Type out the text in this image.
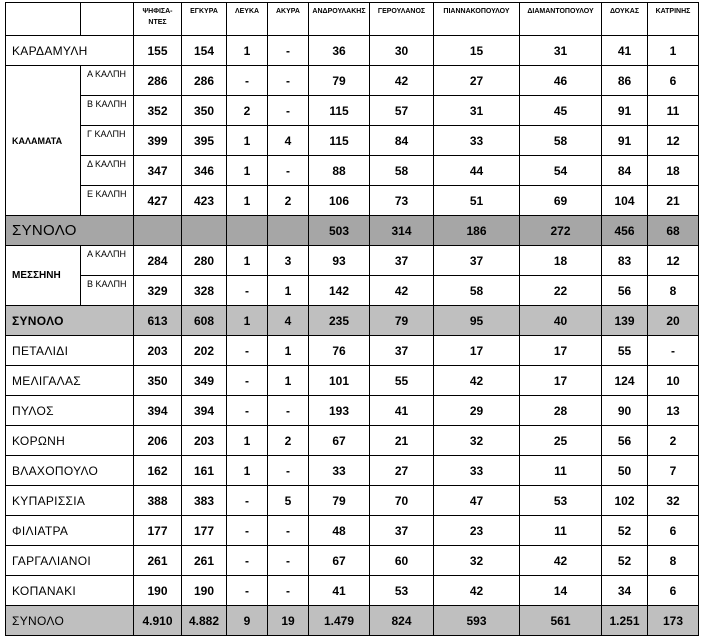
		ΨΗΦΙΣΑ-
ΝΤΕΣ	ΕΓΚΥΡΑ	ΛΕΥΚΑ	ΑΚΥΡΑ	ΑΝΔΡΟΥΛΑΚΗΣ	ΓΕΡΟΥΛΑΝΟΣ	ΠΙΑΝΝΑΚΟΠΟΥΛΟΥ	ΔΙΑΜΑΝΤΟΠΟΥΛΟΥ	ΔΟΥΚΑΣ	ΚΑΤΡΙΝΗΣ
ΚΑΡΔΑΜΥΛΗ		155	154	1	-	36	30	15	31	41	1
ΚΑΛΑΜΑΤΑ	Α ΚΑΛΠΗ	286	286	-	-	79	42	27	46	86	6
	Β ΚΑΛΠΗ	352	350	2	-	115	57	31	45	91	11
	Γ ΚΑΛΠΗ	399	395	1	4	115	84	33	58	91	12
	Δ ΚΑΛΠΗ	347	346	1	-	88	58	44	54	84	18
	Ε ΚΑΛΠΗ	427	423	1	2	106	73	51	69	104	21
ΣΥΝΟΛΟ						503	314	186	272	456	68
ΜΕΣΣΗΝΗ	Α ΚΑΛΠΗ	284	280	1	3	93	37	37	18	83	12
	Β ΚΑΛΠΗ	329	328	-	1	142	42	58	22	56	8
ΣΥΝΟΛΟ		613	608	1	4	235	79	95	40	139	20
ΠΕΤΑΛΙΔΙ		203	202	-	1	76	37	17	17	55	-
ΜΕΛΙΓΑΛΑΣ		350	349	-	1	101	55	42	17	124	10
ΠΥΛΟΣ		394	394	-	-	193	41	29	28	90	13
ΚΟΡΩΝΗ		206	203	1	2	67	21	32	25	56	2
ΒΛΑΧΟΠΟΥΛΟ		162	161	1	-	33	27	33	11	50	7
ΚΥΠΑΡΙΣΣΙΑ		388	383	-	5	79	70	47	53	102	32
ΦΙΛΙΑΤΡΑ		177	177	-	-	48	37	23	11	52	6
ΓΑΡΓΑΛΙΑΝΟΙ		261	261	-	-	67	60	32	42	52	8
ΚΟΠΑΝΑΚΙ		190	190	-	-	41	53	42	14	34	6
ΣΥΝΟΛΟ		4.910	4.882	9	19	1.479	824	593	561	1.251	173
